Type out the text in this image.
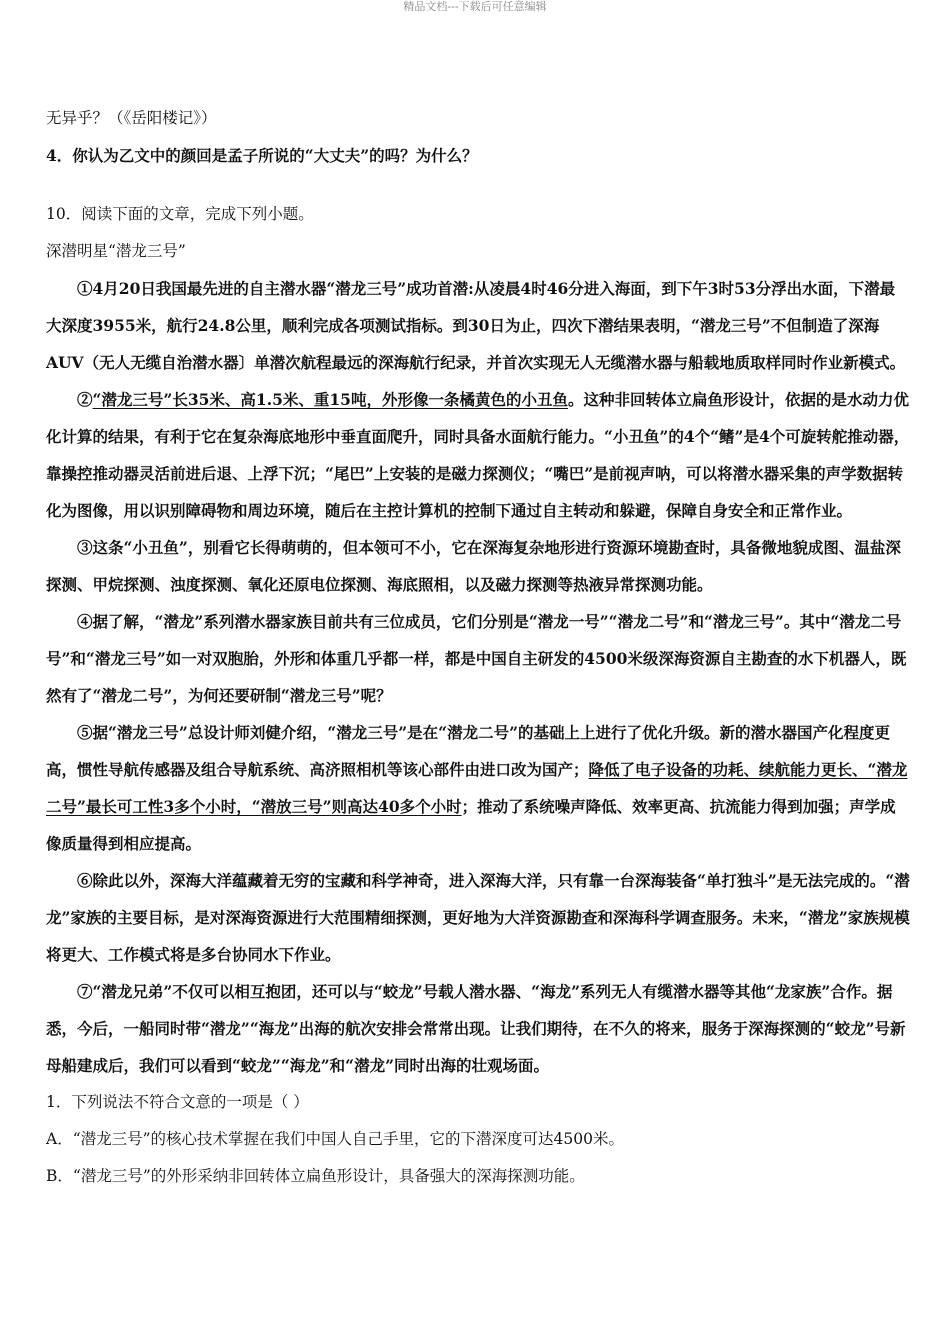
精品文档---下载后可任意编辑

无异乎？（《岳阳楼记》）

4．你认为乙文中的颜回是孟子所说的“大丈夫”的吗？为什么？

10．阅读下面的文章，完成下列小题。

深潜明星“潜龙三号”

①4月20日我国最先进的自主潜水器“潜龙三号”成功首潜:从凌晨4时46分进入海面，到下午3时53分浮出水面，下潜最大深度3955米，航行24.8公里，顺利完成各项测试指标。到30日为止，四次下潜结果表明，“潜龙三号”不但制造了深海AUV（无人无缆自治潜水器〕单潜次航程最远的深海航行纪录，并首次实现无人无缆潜水器与船载地质取样同时作业新模式。

②“潜龙三号”长35米、高1.5米、重15吨，外形像一条橘黄色的小丑鱼。这种非回转体立扁鱼形设计，依据的是水动力优化计算的结果，有利于它在复杂海底地形中垂直面爬升，同时具备水面航行能力。“小丑鱼”的4个“鳍”是4个可旋转舵推动器，靠操控推动器灵活前进后退、上浮下沉；“尾巴”上安装的是磁力探测仪；“嘴巴”是前视声呐，可以将潜水器采集的声学数据转化为图像，用以识别障碍物和周边环境，随后在主控计算机的控制下通过自主转动和躲避，保障自身安全和正常作业。

③这条“小丑鱼”，别看它长得萌萌的，但本领可不小，它在深海复杂地形进行资源环境勘查时，具备微地貌成图、温盐深探测、甲烷探测、浊度探测、氧化还原电位探测、海底照相，以及磁力探测等热液异常探测功能。

④据了解，“潜龙”系列潜水器家族目前共有三位成员，它们分别是“潜龙一号”“潜龙二号”和“潜龙三号”。其中“潜龙二号号”和“潜龙三号”如一对双胞胎，外形和体重几乎都一样，都是中国自主研发的4500米级深海资源自主勘查的水下机器人，既然有了“潜龙二号”，为何还要研制“潜龙三号”呢？

⑤据“潜龙三号”总设计师刘健介绍，“潜龙三号”是在“潜龙二号”的基础上上进行了优化升级。新的潜水器国产化程度更高，惯性导航传感器及组合导航系统、高济照相机等该心部件由进口改为国产；降低了电子设备的功耗、续航能力更长、“潜龙二号”最长可工性3多个小时，“潜放三号”则高达40多个小时；推动了系统噪声降低、效率更高、抗流能力得到加强；声学成像质量得到相应提高。

⑥除此以外，深海大洋蕴藏着无穷的宝藏和科学神奇，进入深海大洋，只有靠一台深海装备“单打独斗”是无法完成的。“潜龙”家族的主要目标，是对深海资源进行大范围精细探测，更好地为大洋资源勘查和深海科学调查服务。未来，“潜龙”家族规模将更大、工作模式将是多台协同水下作业。

⑦“潜龙兄弟”不仅可以相互抱团，还可以与“蛟龙”号载人潜水器、“海龙”系列无人有缆潜水器等其他“龙家族”合作。据悉，今后，一船同时带“潜龙”“海龙”出海的航次安排会常常出现。让我们期待，在不久的将来，服务于深海探测的“蛟龙”号新母船建成后，我们可以看到“蛟龙”“海龙”和“潜龙”同时出海的壮观场面。

1．下列说法不符合文意的一项是（ ）

A．“潜龙三号”的核心技术掌握在我们中国人自己手里，它的下潜深度可达4500米。

B．“潜龙三号”的外形采纳非回转体立扁鱼形设计，具备强大的深海探测功能。
